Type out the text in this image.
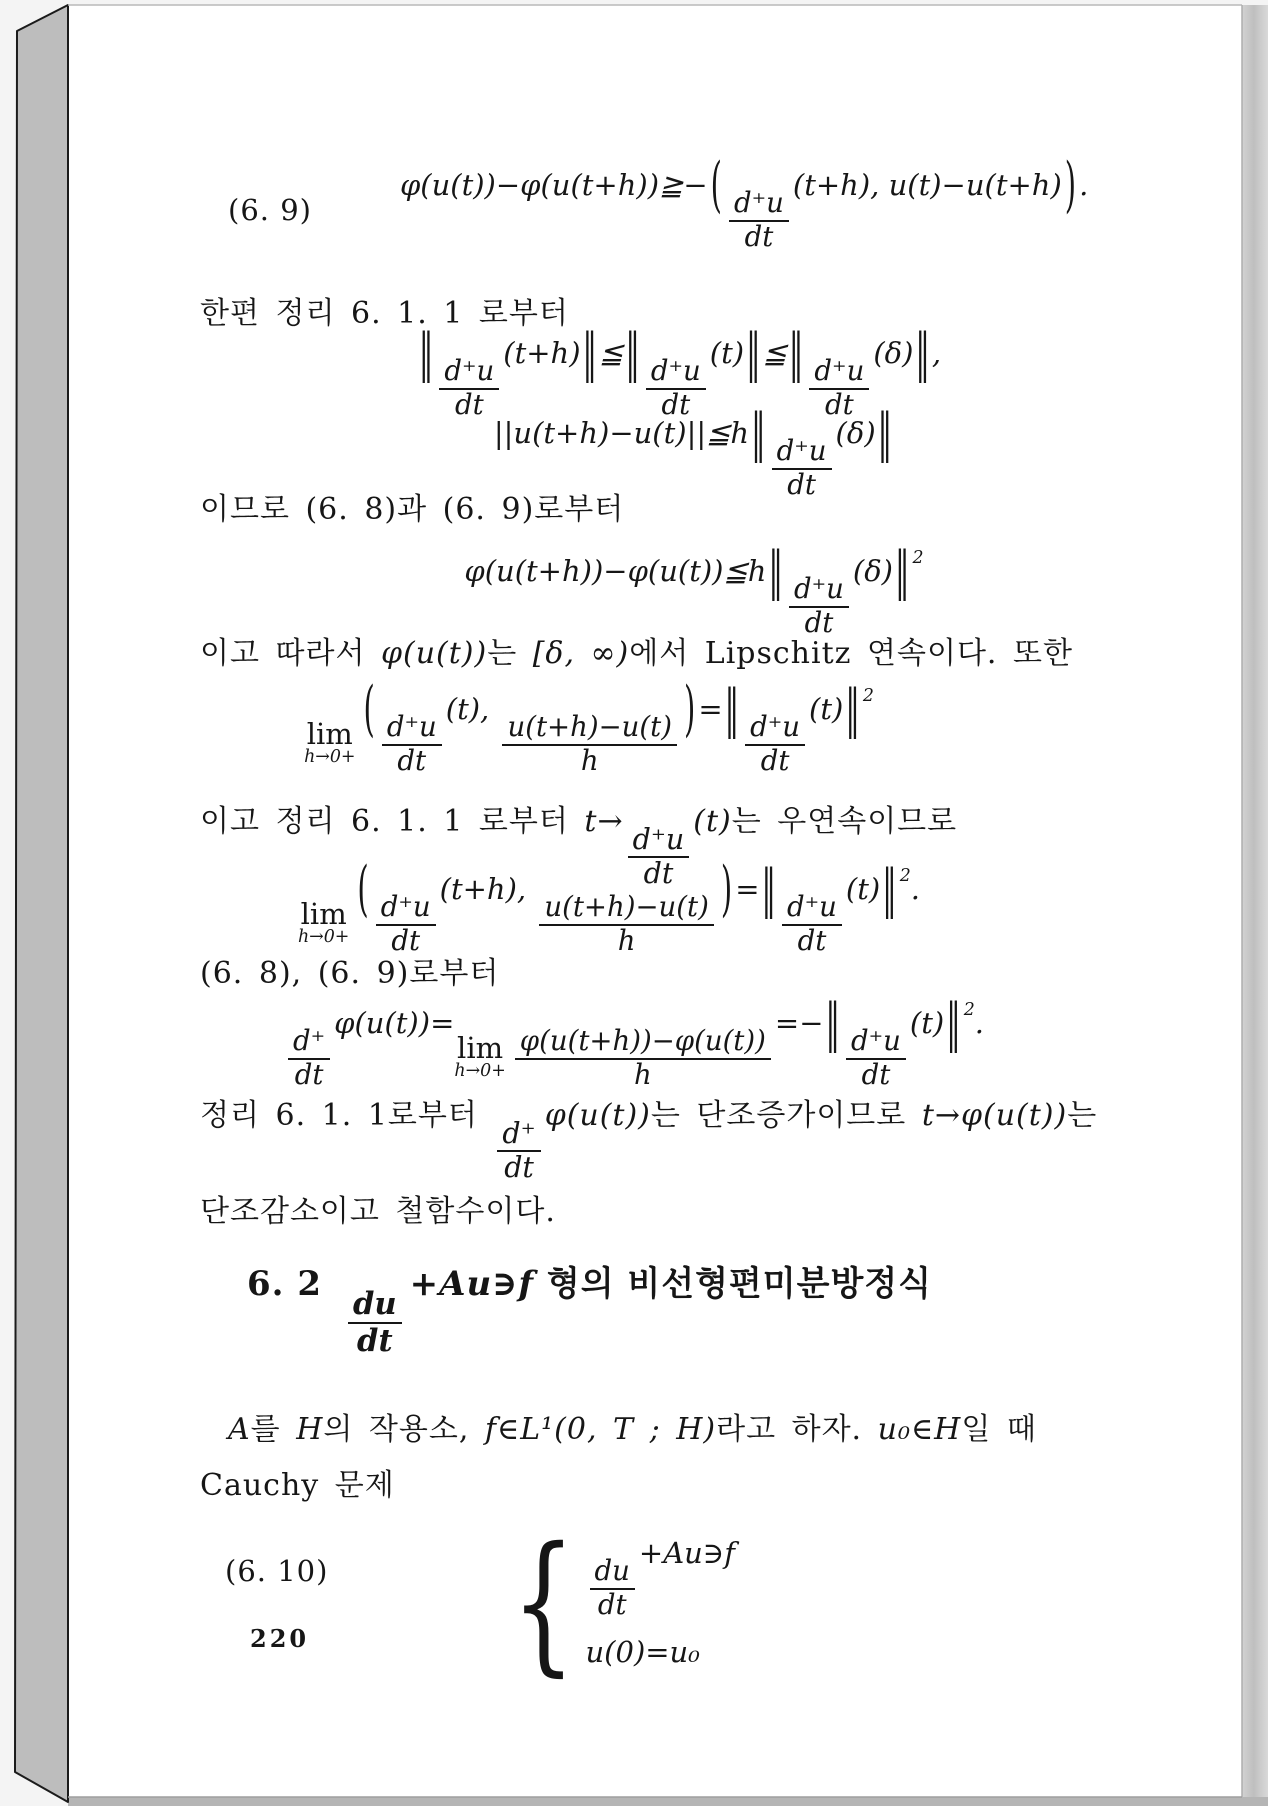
(6. 9)
φ(u(t))−φ(u(t+h))≧− (
$\frac{d^+u}{dt}$
(t+h), u(t)−u(t+h) ) .
한편 정리 6. 1. 1 로부터
‖
$\frac{d^+u}{dt}$
(t+h)‖≦‖
$\frac{d^+u}{dt}$
(t)‖≦‖
$\frac{d^+u}{dt}$
(δ)‖,
||u(t+h)−u(t)||≦h‖
$\frac{d^+u}{dt}$
(δ)‖
이므로 (6. 8)과 (6. 9)로부터
φ(u(t+h))−φ(u(t))≦h‖
$\frac{d^+u}{dt}$
(δ)‖ $^2$
이고 따라서 φ(u(t))는 [δ, ∞)에서 Lipschitz 연속이다. 또한
lim
h→0+
(
$\frac{d^+u}{dt}$
(t),
$\frac{u(t+h)-u(t)}{h}$
) =‖
$\frac{d^+u}{dt}$
(t)‖ $^2$
이고 정리 6. 1. 1 로부터 t→
$\frac{d^+u}{dt}$
(t)는 우연속이므로
lim
h→0+
(
$\frac{d^+u}{dt}$
(t+h),
$\frac{u(t+h)-u(t)}{h}$
) =‖
$\frac{d^+u}{dt}$
(t)‖ $^2$.
(6. 8), (6. 9)로부터
$\frac{d^+}{dt}$
φ(u(t))=
lim
$h\to 0+ \frac{\varphi(u(t+h))-\varphi(u(t))}{h}$
=−‖
$\frac{d^+u}{dt}$
(t)‖ $^2$.
정리 6. 1. 1로부터
$\frac{d^+}{dt}$
φ(u(t))는 단조증가이므로 t→φ(u(t))는 단조감소이고 철함수이다.
6. 2
$\frac{du}{dt}$
+Au∋f 형의 비선형편미분방정식
A를 H의 작용소, f∈L¹(0, T ; H)라고 하자. u₀∈H일 때 Cauchy 문제
(6. 10) { $\frac{du}{dt}$
+Au∋f
u(0)=u₀
220
